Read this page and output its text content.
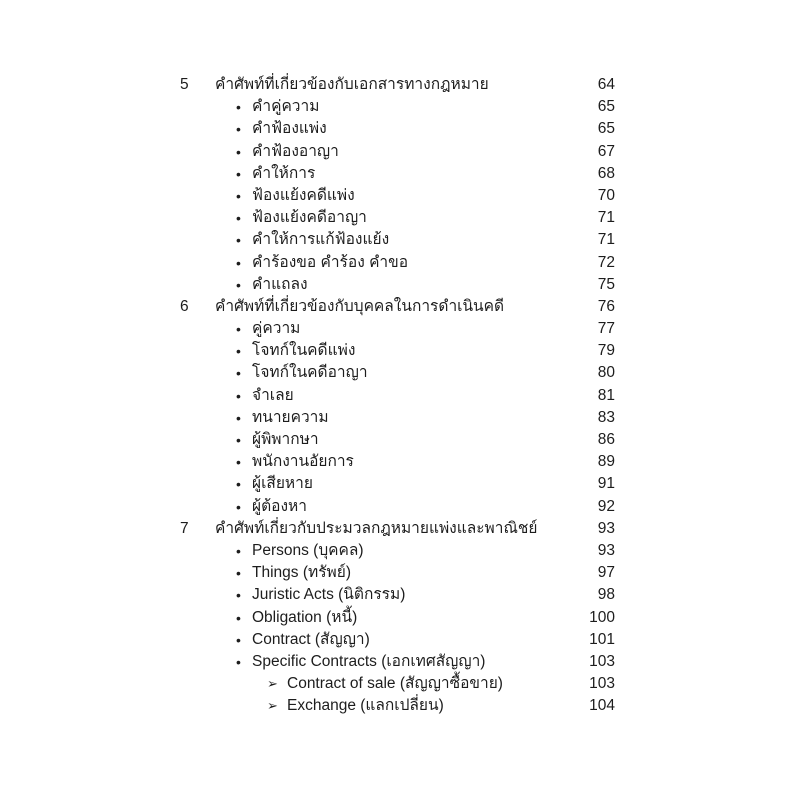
5	คำศัพท์ที่เกี่ยวข้องกับเอกสารทางกฎหมาย	64
• คำคู่ความ	65
• คำฟ้องแพ่ง	65
• คำฟ้องอาญา	67
• คำให้การ	68
• ฟ้องแย้งคดีแพ่ง	70
• ฟ้องแย้งคดีอาญา	71
• คำให้การแก้ฟ้องแย้ง	71
• คำร้องขอ คำร้อง คำขอ	72
• คำแถลง	75
6	คำศัพท์ที่เกี่ยวข้องกับบุคคลในการดำเนินคดี	76
• คู่ความ	77
• โจทก์ในคดีแพ่ง	79
• โจทก์ในคดีอาญา	80
• จำเลย	81
• ทนายความ	83
• ผู้พิพากษา	86
• พนักงานอัยการ	89
• ผู้เสียหาย	91
• ผู้ต้องหา	92
7	คำศัพท์เกี่ยวกับประมวลกฎหมายแพ่งและพาณิชย์	93
• Persons (บุคคล)	93
• Things (ทรัพย์)	97
• Juristic Acts (นิติกรรม)	98
• Obligation (หนี้)	100
• Contract (สัญญา)	101
• Specific Contracts (เอกเทศสัญญา)	103
➢ Contract of sale (สัญญาซื้อขาย)	103
➢ Exchange (แลกเปลี่ยน)	104
